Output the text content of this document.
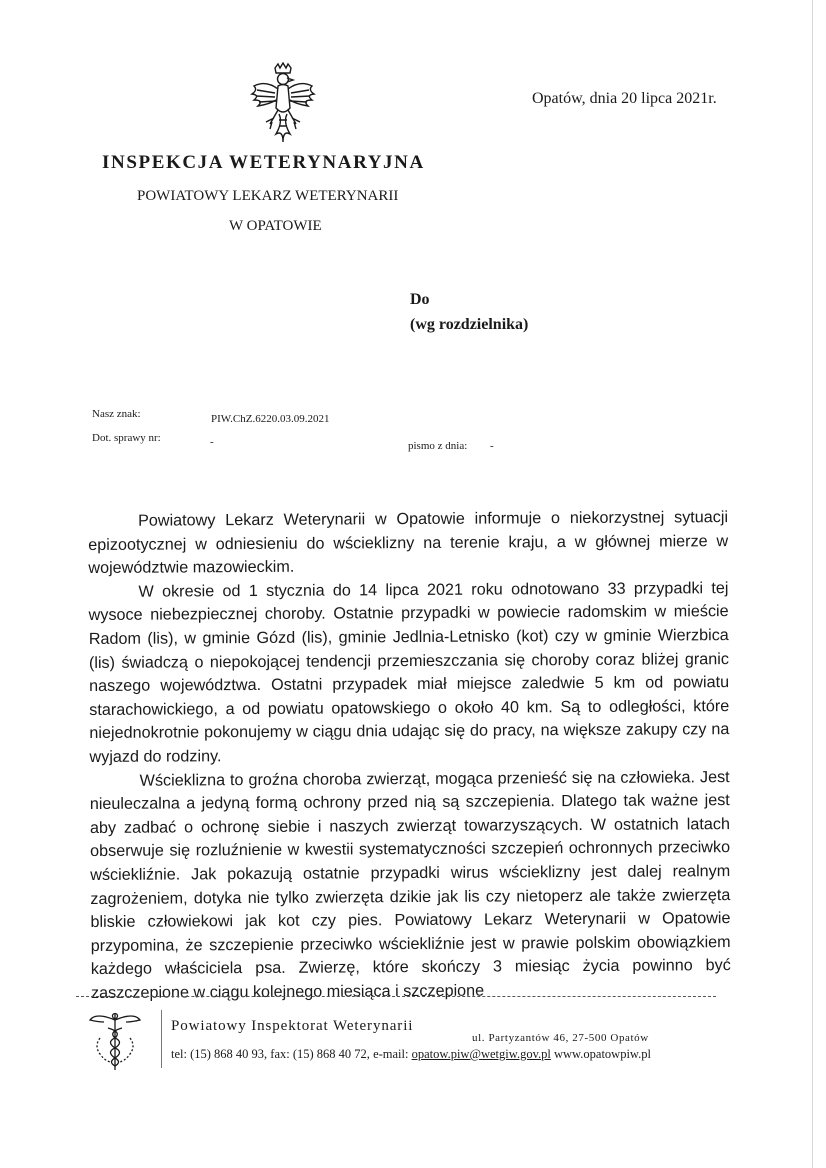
Opatów, dnia 20 lipca 2021r.
INSPEKCJA WETERYNARYJNA
POWIATOWY LEKARZ WETERYNARII
W OPATOWIE
Do
(wg rozdzielnika)
Nasz znak:	PIW.ChZ.6220.03.09.2021
Dot. sprawy nr:	-	pismo z dnia: -

Powiatowy Lekarz Weterynarii w Opatowie informuje o niekorzystnej sytuacji epizootycznej w odniesieniu do wścieklizny na terenie kraju, a w głównej mierze w województwie mazowieckim.

W okresie od 1 stycznia do 14 lipca 2021 roku odnotowano 33 przypadki tej wysoce niebezpiecznej choroby. Ostatnie przypadki w powiecie radomskim w mieście Radom (lis), w gminie Gózd (lis), gminie Jedlnia-Letnisko (kot) czy w gminie Wierzbica (lis) świadczą o niepokojącej tendencji przemieszczania się choroby coraz bliżej granic naszego województwa. Ostatni przypadek miał miejsce zaledwie 5 km od powiatu starachowickiego, a od powiatu opatowskiego o około 40 km. Są to odległości, które niejednokrotnie pokonujemy w ciągu dnia udając się do pracy, na większe zakupy czy na wyjazd do rodziny.

Wścieklizna to groźna choroba zwierząt, mogąca przenieść się na człowieka. Jest nieuleczalna a jedyną formą ochrony przed nią są szczepienia. Dlatego tak ważne jest aby zadbać o ochronę siebie i naszych zwierząt towarzyszących. W ostatnich latach obserwuje się rozluźnienie w kwestii systematyczności szczepień ochronnych przeciwko wściekliźnie. Jak pokazują ostatnie przypadki wirus wścieklizny jest dalej realnym zagrożeniem, dotyka nie tylko zwierzęta dzikie jak lis czy nietoperz ale także zwierzęta bliskie człowiekowi jak kot czy pies. Powiatowy Lekarz Weterynarii w Opatowie przypomina, że szczepienie przeciwko wściekliźnie jest w prawie polskim obowiązkiem każdego właściciela psa. Zwierzę, które skończy 3 miesiąc życia powinno być zaszczepione w ciągu kolejnego miesiąca i szczepione

Powiatowy Inspektorat Weterynarii
ul. Partyzantów 46, 27-500 Opatów
tel: (15) 868 40 93, fax: (15) 868 40 72, e-mail: opatow.piw@wetgiw.gov.pl www.opatowpiw.pl
